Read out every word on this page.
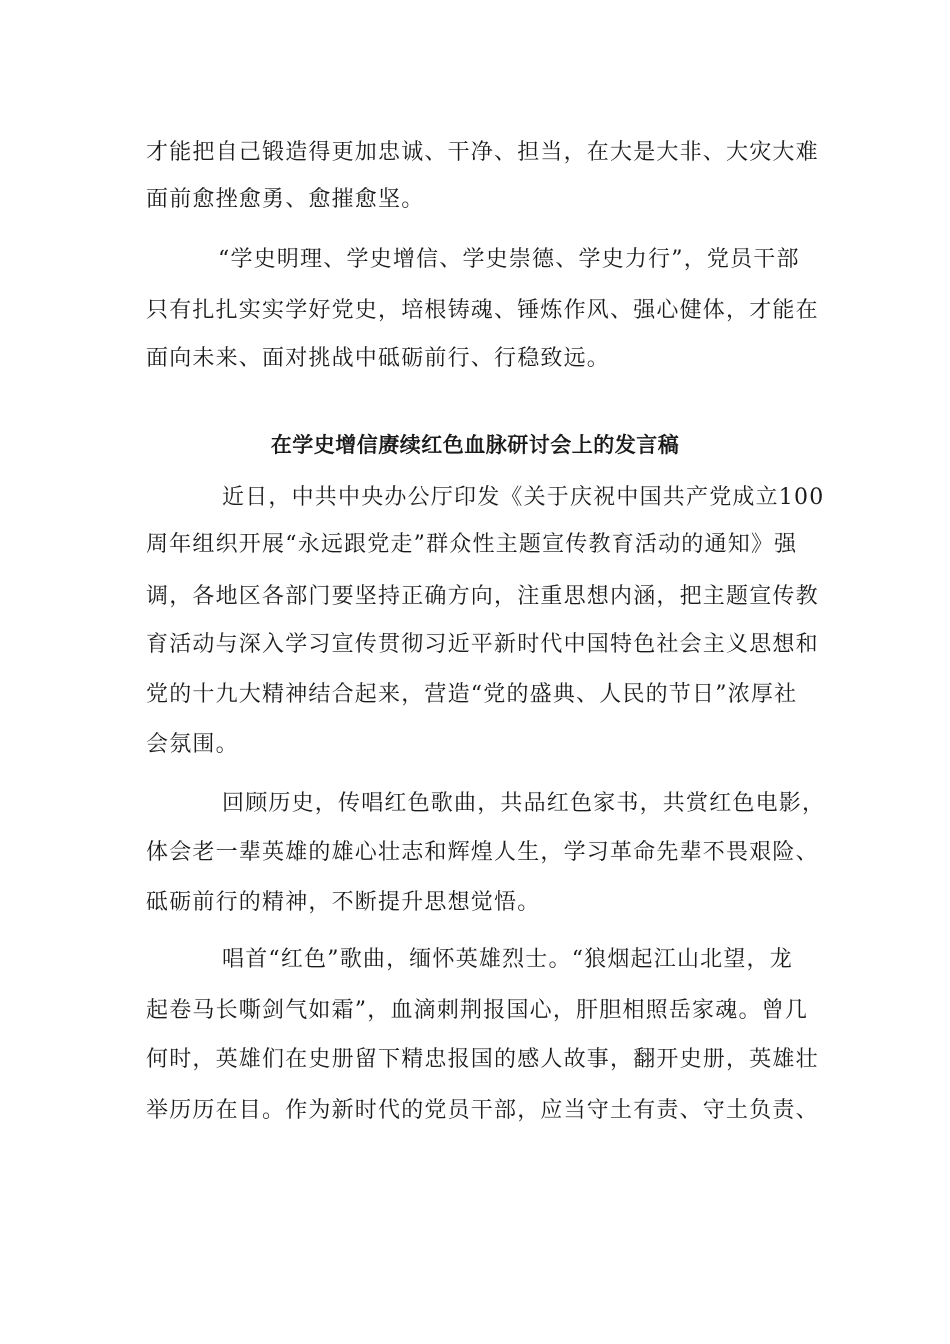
才能把自己锻造得更加忠诚、干净、担当，在大是大非、大灾大难
面前愈挫愈勇、愈摧愈坚。
“学史明理、学史增信、学史崇德、学史力行”，党员干部
只有扎扎实实学好党史，培根铸魂、锤炼作风、强心健体，才能在
面向未来、面对挑战中砥砺前行、行稳致远。
在学史增信赓续红色血脉研讨会上的发言稿
近日，中共中央办公厅印发《关于庆祝中国共产党成立100
周年组织开展“永远跟党走”群众性主题宣传教育活动的通知》强
调，各地区各部门要坚持正确方向，注重思想内涵，把主题宣传教
育活动与深入学习宣传贯彻习近平新时代中国特色社会主义思想和
党的十九大精神结合起来，营造“党的盛典、人民的节日”浓厚社
会氛围。
回顾历史，传唱红色歌曲，共品红色家书，共赏红色电影，
体会老一辈英雄的雄心壮志和辉煌人生，学习革命先辈不畏艰险、
砥砺前行的精神，不断提升思想觉悟。
唱首“红色”歌曲，缅怀英雄烈士。“狼烟起江山北望，龙
起卷马长嘶剑气如霜”，血滴刺荆报国心，肝胆相照岳家魂。曾几
何时，英雄们在史册留下精忠报国的感人故事，翻开史册，英雄壮
举历历在目。作为新时代的党员干部，应当守土有责、守土负责、
